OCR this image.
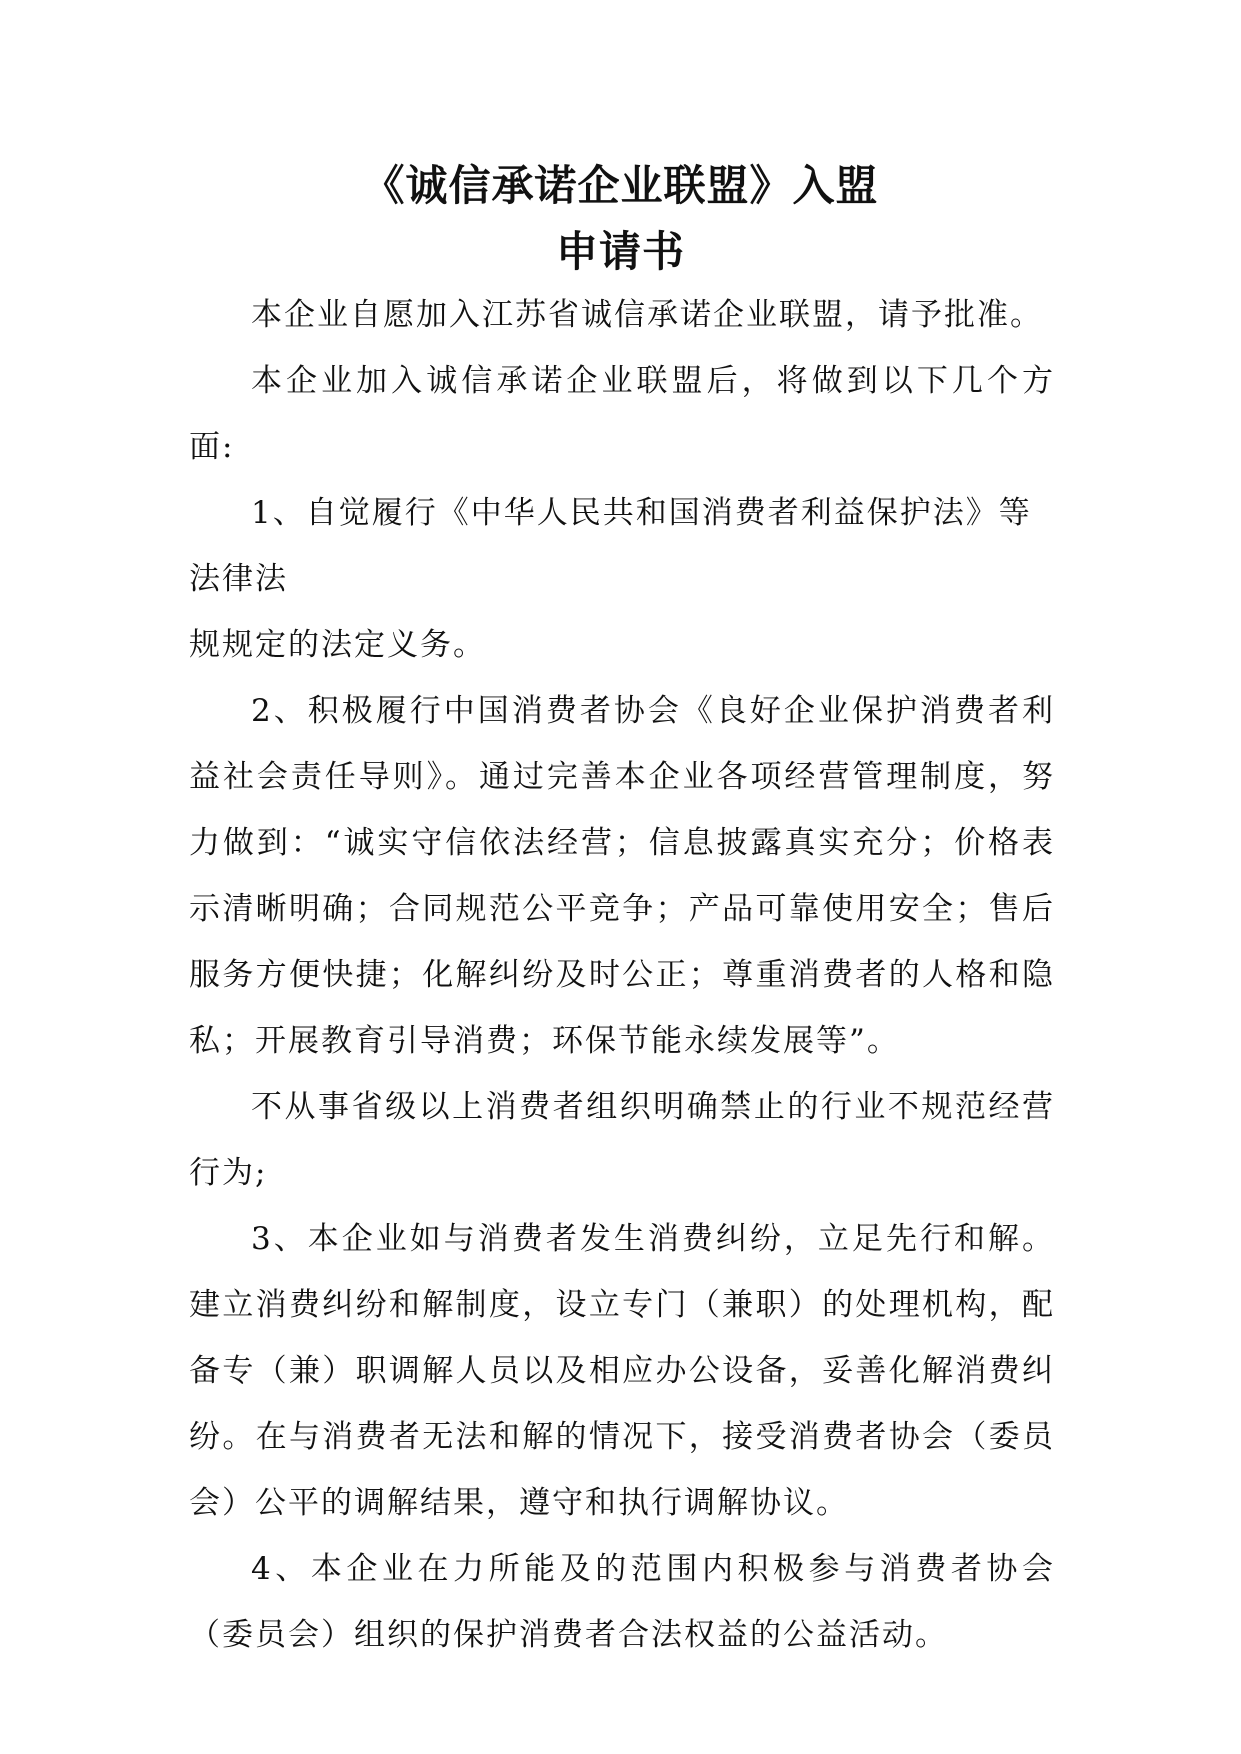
《诚信承诺企业联盟》入盟
申请书

本企业自愿加入江苏省诚信承诺企业联盟，请予批准。

本企业加入诚信承诺企业联盟后，将做到以下几个方面:

1、自觉履行《中华人民共和国消费者利益保护法》等

法律法
规规定的法定义务。

2、积极履行中国消费者协会《良好企业保护消费者利益社会责任导则》。通过完善本企业各项经营管理制度，努力做到：“诚实守信依法经营；信息披露真实充分；价格表示清晰明确；合同规范公平竞争；产品可靠使用安全；售后服务方便快捷；化解纠纷及时公正；尊重消费者的人格和隐私；开展教育引导消费；环保节能永续发展等”。

不从事省级以上消费者组织明确禁止的行业不规范经营行为;

3、本企业如与消费者发生消费纠纷，立足先行和解。建立消费纠纷和解制度，设立专门（兼职）的处理机构，配备专（兼）职调解人员以及相应办公设备，妥善化解消费纠纷。在与消费者无法和解的情况下，接受消费者协会（委员会）公平的调解结果，遵守和执行调解协议。

4、本企业在力所能及的范围内积极参与消费者协会（委员会）组织的保护消费者合法权益的公益活动。
